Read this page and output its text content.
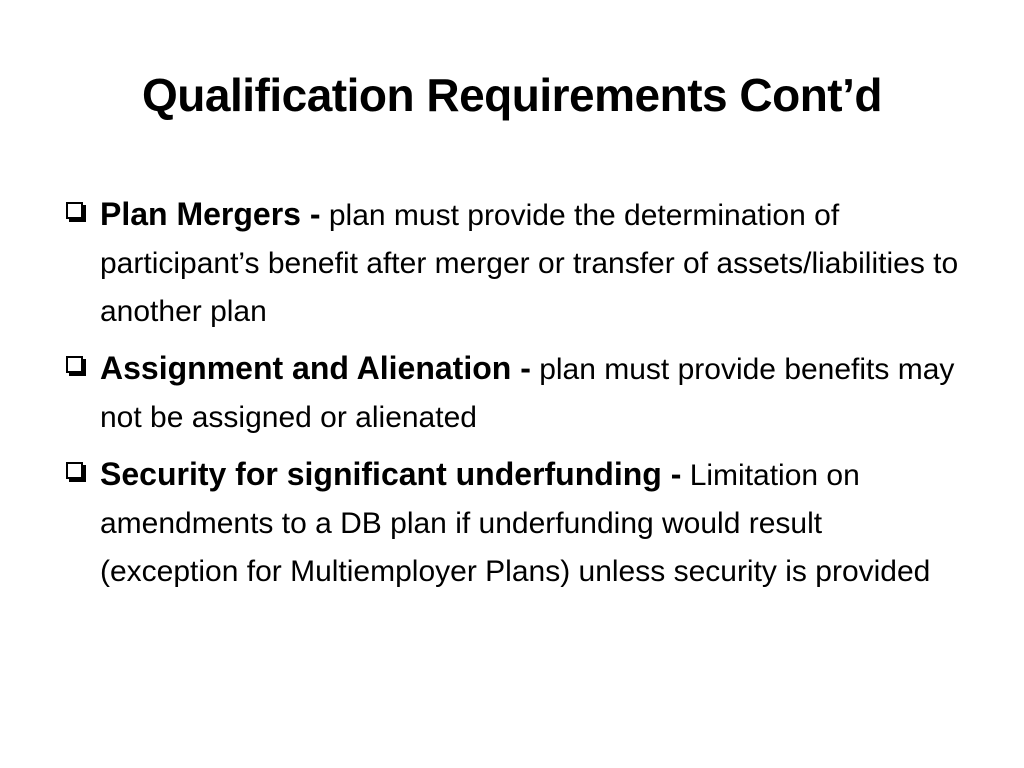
Qualification Requirements Cont’d
Plan Mergers - plan must provide the determination of participant’s benefit after merger or transfer of assets/liabilities to another plan
Assignment and Alienation - plan must provide benefits may not be assigned or alienated
Security for significant underfunding - Limitation on amendments to a DB plan if underfunding would result (exception for Multiemployer Plans) unless security is provided
